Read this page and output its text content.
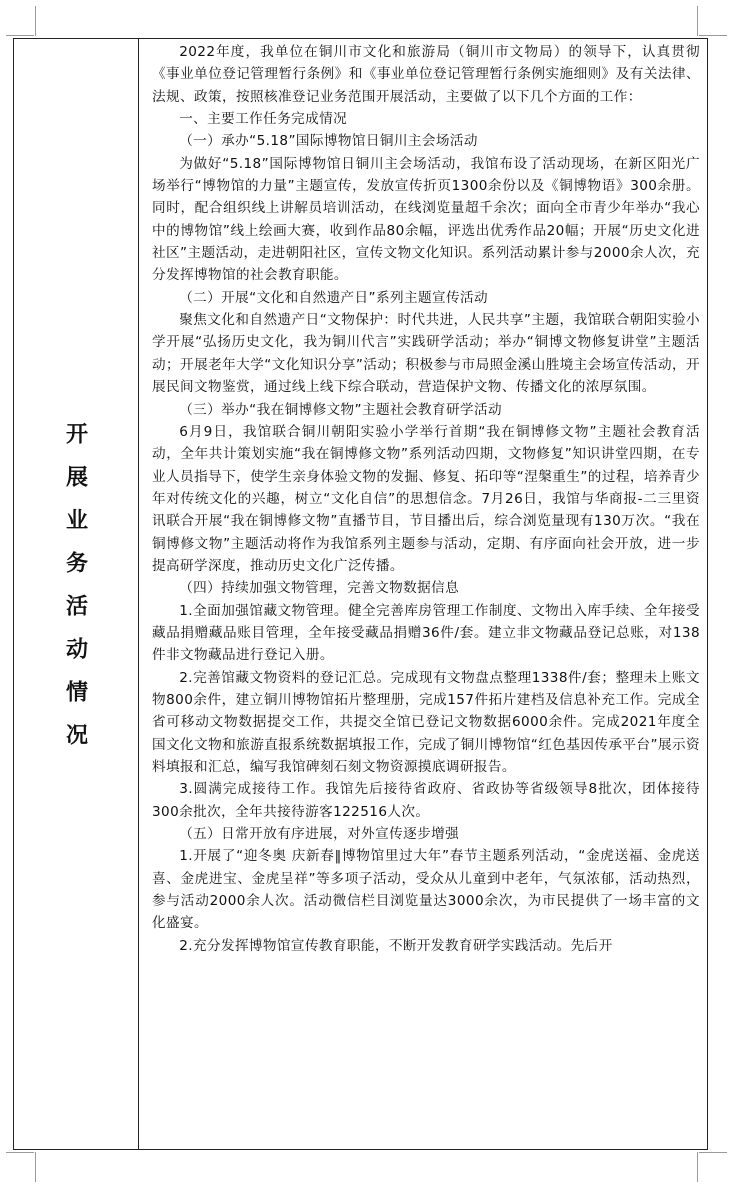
开展业务活动情况

2022年度，我单位在铜川市文化和旅游局（铜川市文物局）的领导下，认真贯彻《事业单位登记管理暂行条例》和《事业单位登记管理暂行条例实施细则》及有关法律、法规、政策，按照核准登记业务范围开展活动，主要做了以下几个方面的工作：

一、主要工作任务完成情况

（一）承办“5.18”国际博物馆日铜川主会场活动

为做好“5.18”国际博物馆日铜川主会场活动，我馆布设了活动现场，在新区阳光广场举行“博物馆的力量”主题宣传，发放宣传折页1300余份以及《铜博物语》300余册。同时，配合组织线上讲解员培训活动，在线浏览量超千余次；面向全市青少年举办“我心中的博物馆”线上绘画大赛，收到作品80余幅，评选出优秀作品20幅；开展“历史文化进社区”主题活动，走进朝阳社区，宣传文物文化知识。系列活动累计参与2000余人次，充分发挥博物馆的社会教育职能。

（二）开展“文化和自然遗产日”系列主题宣传活动

聚焦文化和自然遗产日“文物保护：时代共进，人民共享”主题，我馆联合朝阳实验小学开展“弘扬历史文化，我为铜川代言”实践研学活动；举办“铜博文物修复讲堂”主题活动；开展老年大学“文化知识分享”活动；积极参与市局照金溪山胜境主会场宣传活动，开展民间文物鉴赏，通过线上线下综合联动，营造保护文物、传播文化的浓厚氛围。

（三）举办“我在铜博修文物”主题社会教育研学活动

6月9日，我馆联合铜川朝阳实验小学举行首期“我在铜博修文物”主题社会教育活动，全年共计策划实施“我在铜博修文物”系列活动四期，文物修复”知识讲堂四期，在专业人员指导下，使学生亲身体验文物的发掘、修复、拓印等“涅槃重生”的过程，培养青少年对传统文化的兴趣，树立“文化自信”的思想信念。7月26日，我馆与华商报-二三里资讯联合开展“我在铜博修文物”直播节目，节目播出后，综合浏览量现有130万次。“我在铜博修文物”主题活动将作为我馆系列主题参与活动，定期、有序面向社会开放，进一步提高研学深度，推动历史文化广泛传播。

（四）持续加强文物管理，完善文物数据信息

1.全面加强馆藏文物管理。健全完善库房管理工作制度、文物出入库手续、全年接受藏品捐赠藏品账目管理，全年接受藏品捐赠36件/套。建立非文物藏品登记总账，对138件非文物藏品进行登记入册。

2.完善馆藏文物资料的登记汇总。完成现有文物盘点整理1338件/套；整理未上账文物800余件，建立铜川博物馆拓片整理册，完成157件拓片建档及信息补充工作。完成全省可移动文物数据提交工作，共提交全馆已登记文物数据6000余件。完成2021年度全国文化文物和旅游直报系统数据填报工作，完成了铜川博物馆“红色基因传承平台”展示资料填报和汇总，编写我馆碑刻石刻文物资源摸底调研报告。

3.圆满完成接待工作。我馆先后接待省政府、省政协等省级领导8批次，团体接待300余批次，全年共接待游客122516人次。

（五）日常开放有序进展，对外宣传逐步增强

1.开展了“迎冬奥 庆新春‖博物馆里过大年”春节主题系列活动，“金虎送福、金虎送喜、金虎进宝、金虎呈祥”等多项子活动，受众从儿童到中老年，气氛浓郁，活动热烈，参与活动2000余人次。活动微信栏目浏览量达3000余次，为市民提供了一场丰富的文化盛宴。

2.充分发挥博物馆宣传教育职能，不断开发教育研学实践活动。先后开
